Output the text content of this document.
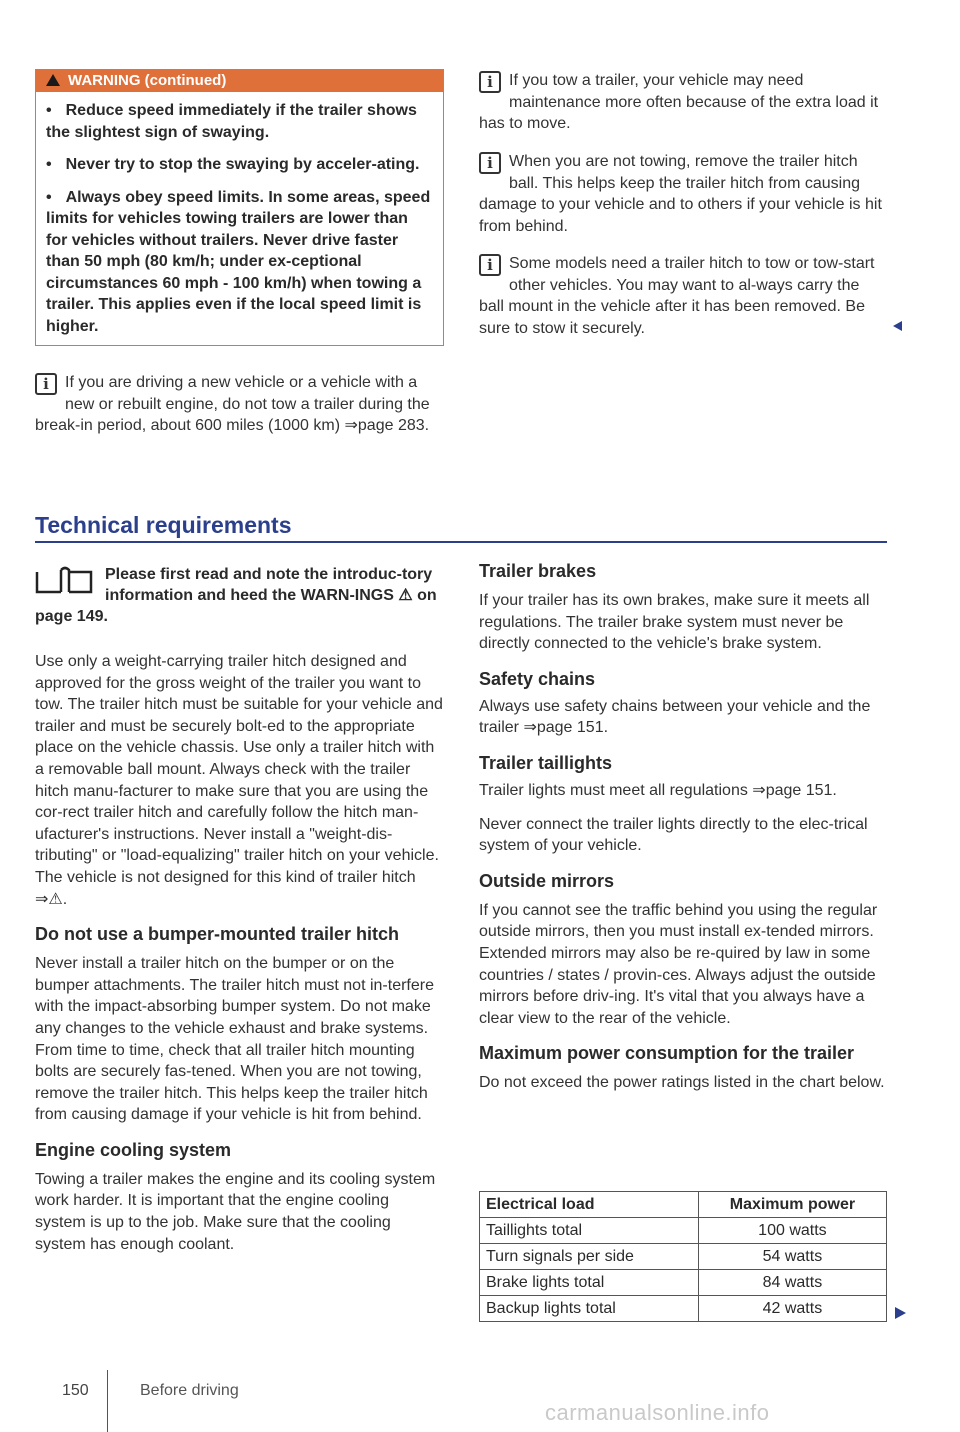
WARNING (continued)
• Reduce speed immediately if the trailer shows the slightest sign of swaying.
• Never try to stop the swaying by acceler-ating.
• Always obey speed limits. In some areas, speed limits for vehicles towing trailers are lower than for vehicles without trailers. Never drive faster than 50 mph (80 km/h; under ex-ceptional circumstances 60 mph - 100 km/h) when towing a trailer. This applies even if the local speed limit is higher.
i	If you are driving a new vehicle or a vehicle with a new or rebuilt engine, do not tow a trailer during the break-in period, about 600 miles (1000 km) ⇒page 283.
i	If you tow a trailer, your vehicle may need maintenance more often because of the extra load it has to move.
i	When you are not towing, remove the trailer hitch ball. This helps keep the trailer hitch from causing damage to your vehicle and to others if your vehicle is hit from behind.
i	Some models need a trailer hitch to tow or tow-start other vehicles. You may want to al-ways carry the ball mount in the vehicle after it has been removed. Be sure to stow it securely.
Technical requirements
Please first read and note the introduc-tory information and heed the WARN-INGS ⚠ on page 149.

Use only a weight-carrying trailer hitch designed and approved for the gross weight of the trailer you want to tow. The trailer hitch must be suitable for your vehicle and trailer and must be securely bolt-ed to the appropriate place on the vehicle chassis. Use only a trailer hitch with a removable ball mount. Always check with the trailer hitch manu-facturer to make sure that you are using the cor-rect trailer hitch and carefully follow the hitch man-ufacturer's instructions. Never install a "weight-dis-tributing" or "load-equalizing" trailer hitch on your vehicle. The vehicle is not designed for this kind of trailer hitch ⇒⚠.

Do not use a bumper-mounted trailer hitch

Never install a trailer hitch on the bumper or on the bumper attachments. The trailer hitch must not in-terfere with the impact-absorbing bumper system. Do not make any changes to the vehicle exhaust and brake systems. From time to time, check that all trailer hitch mounting bolts are securely fas-tened. When you are not towing, remove the trailer hitch. This helps keep the trailer hitch from causing damage if your vehicle is hit from behind.

Engine cooling system

Towing a trailer makes the engine and its cooling system work harder. It is important that the engine cooling system is up to the job. Make sure that the cooling system has enough coolant.

Trailer brakes

If your trailer has its own brakes, make sure it meets all regulations. The trailer brake system must never be directly connected to the vehicle's brake system.

Safety chains

Always use safety chains between your vehicle and the trailer ⇒page 151.

Trailer taillights

Trailer lights must meet all regulations ⇒page 151.

Never connect the trailer lights directly to the elec-trical system of your vehicle.

Outside mirrors

If you cannot see the traffic behind you using the regular outside mirrors, then you must install ex-tended mirrors. Extended mirrors may also be re-quired by law in some countries / states / provin-ces. Always adjust the outside mirrors before driv-ing. It's vital that you always have a clear view to the rear of the vehicle.

Maximum power consumption for the trailer

Do not exceed the power ratings listed in the chart below.

Electrical load	Maximum power
Taillights total	100 watts
Turn signals per side	54 watts
Brake lights total	84 watts
Backup lights total	42 watts
150	Before driving
carmanualsonline.info
